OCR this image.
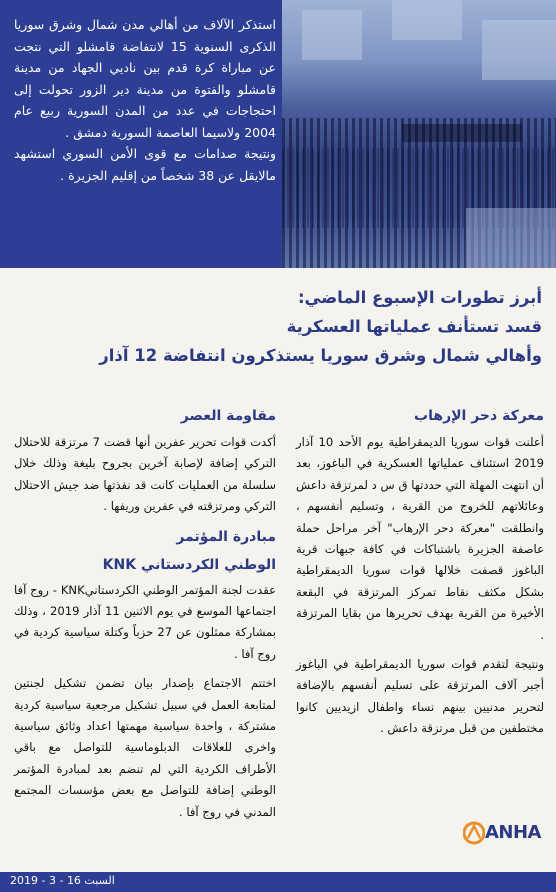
استذكر الآلاف من أهالي مدن شمال وشرق سوريا الذكرى السنوية 15 لانتفاضة قامشلو التي نتجت عن مباراة كرة قدم بين ناديي الجهاد من مدينة قامشلو والفتوة من مدينة دير الزور تحولت إلى احتجاجات في عدد من المدن السورية ربيع عام 2004 ولاسيما العاصمة السورية دمشق .

ونتيجة صدامات مع قوى الأمن السوري استشهد مالايقل عن 38 شخصاً من إقليم الجزيرة .

أبرز تطورات الإسبوع الماضي:

قسد تستأنف عملياتها العسكرية

وأهالي شمال وشرق سوريا يستذكرون انتفاضة 12 آذار

معركة دحر الإرهاب

أعلنت قوات سوريا الديمقراطية يوم الأحد 10 آذار 2019 استئناف عملياتها العسكرية في الباغوز، بعد أن انتهت المهلة التي حددتها ق س د لمرتزقة داعش وعائلاتهم للخروج من القرية ، وتسليم أنفسهم ، وانطلقت "معركة دحر الإرهاب" آخر مراحل حملة عاصفة الجزيرة باشتباكات في كافة جبهات قرية الباغوز قصفت خلالها قوات سوريا الديمقراطية بشكل مكثف نقاط تمركز المرتزقة في البقعة الأخيرة من القرية بهدف تحريرها من بقايا المرتزقة .

ونتيجة لتقدم قوات سوريا الديمقراطية في الباغوز أجبر آلاف المرتزقة على تسليم أنفسهم بالإضافة لتحرير مدنيين بينهم نساء واطفال ازيديين كانوا مختطفين من قبل مرتزقة داعش .

مقاومة العصر

أكدت قوات تحرير عفرين أنها قضت 7 مرتزقة للاحتلال التركي إضافة لإصابة آخرين بجروح بليغة وذلك خلال سلسلة من العمليات كانت قد نفذتها ضد جيش الاحتلال التركي ومرتزقته في عفرين وريفها .

مبادرة المؤتمر

الوطني الكردستاني KNK

عقدت لجنة المؤتمر الوطني الكردستانيKNK - روج آفا اجتماعها الموسع في يوم الاثنين 11 آذار 2019 ، وذلك بمشاركة ممثلون عن 27 حزباً وكتلة سياسية كردية في روج آفا .

اختتم الاجتماع بإصدار بيان تضمن تشكيل لجنتين لمتابعة العمل في سبيل تشكيل مرجعية سياسية كردية مشتركة ، واحدة سياسية مهمتها اعداد وثائق سياسية واخرى للعلاقات الدبلوماسية للتواصل مع باقي الأطراف الكردية التي لم تنضم بعد لمبادرة المؤتمر الوطني إضافة للتواصل مع بعض مؤسسات المجتمع المدني في روج آفا .

ANHA
السبت 16 - 3 - 2019
